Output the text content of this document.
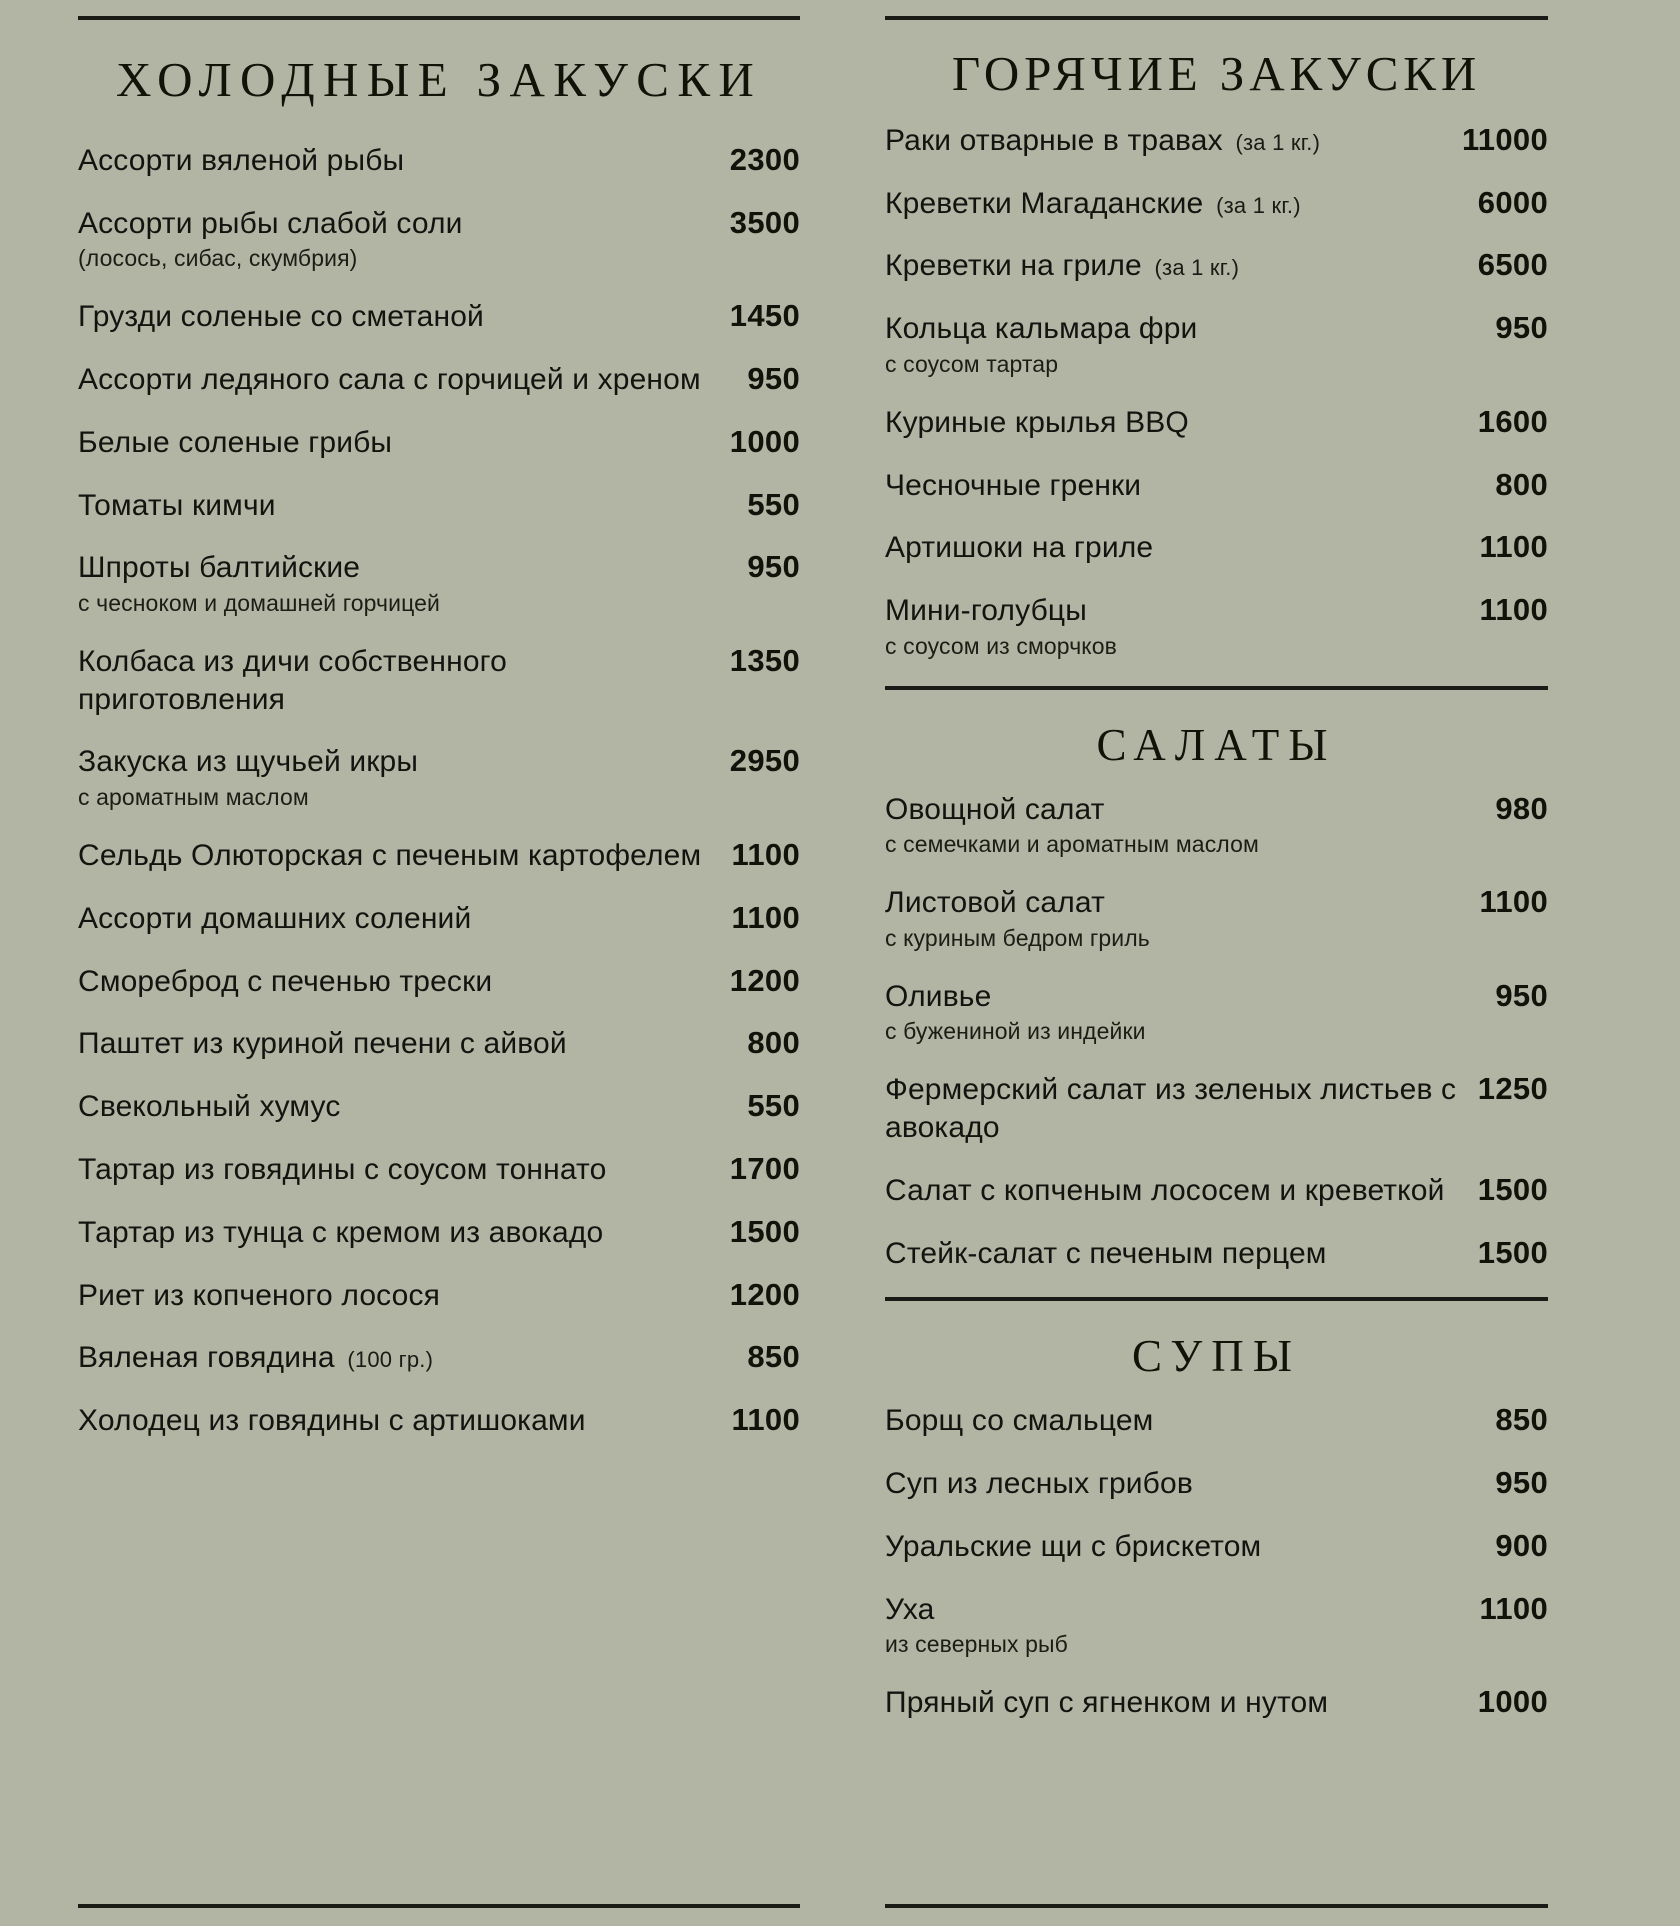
ХОЛОДНЫЕ ЗАКУСКИ
Ассорти вяленой рыбы	2300
Ассорти рыбы слабой соли	3500
(лосось, сибас, скумбрия)
Грузди соленые со сметаной	1450
Ассорти ледяного сала с горчицей и хреном	950
Белые соленые грибы	1000
Томаты кимчи	550
Шпроты балтийские	950
с чесноком и домашней горчицей
Колбаса из дичи собственного приготовления
1350
Закуска из щучьей икры	2950
с ароматным маслом
Сельдь Олюторская с печеным картофелем 1100
Ассорти домашних солений	1100
Смореброд с печенью трески	1200
Паштет из куриной печени с айвой	800
Свекольный хумус	550
Тартар из говядины с соусом тоннато	1700
Тартар из тунца с кремом из авокадо	1500
Риет из копченого лосося	1200
Вяленая говядина  (100 гр.)	850
Холодец из говядины с артишоками	1100
ГОРЯЧИЕ ЗАКУСКИ
Раки отварные в травах  (за 1 кг.)	11000
Креветки Магаданские  (за 1 кг.)	6000
Креветки на гриле  (за 1 кг.)	6500
Кольца кальмара фри	950
с соусом тартар
Куриные крылья BBQ	1600
Чесночные гренки	800
Артишоки на гриле	1100
Мини-голубцы	1100
с соусом из сморчков
САЛАТЫ
Овощной салат	980
с семечками и ароматным маслом
Листовой салат	1100
с куриным бедром гриль
Оливье	950
с бужениной из индейки
Фермерский салат из зеленых листьев с авокадо
1250
Салат с копченым лососем и креветкой	1500
Стейк-салат с печеным перцем	1500
СУПЫ
Борщ со смальцем	850
Суп из лесных грибов	950
Уральские щи с брискетом	900
Уха	1100
из северных рыб
Пряный суп с ягненком и нутом	1000
